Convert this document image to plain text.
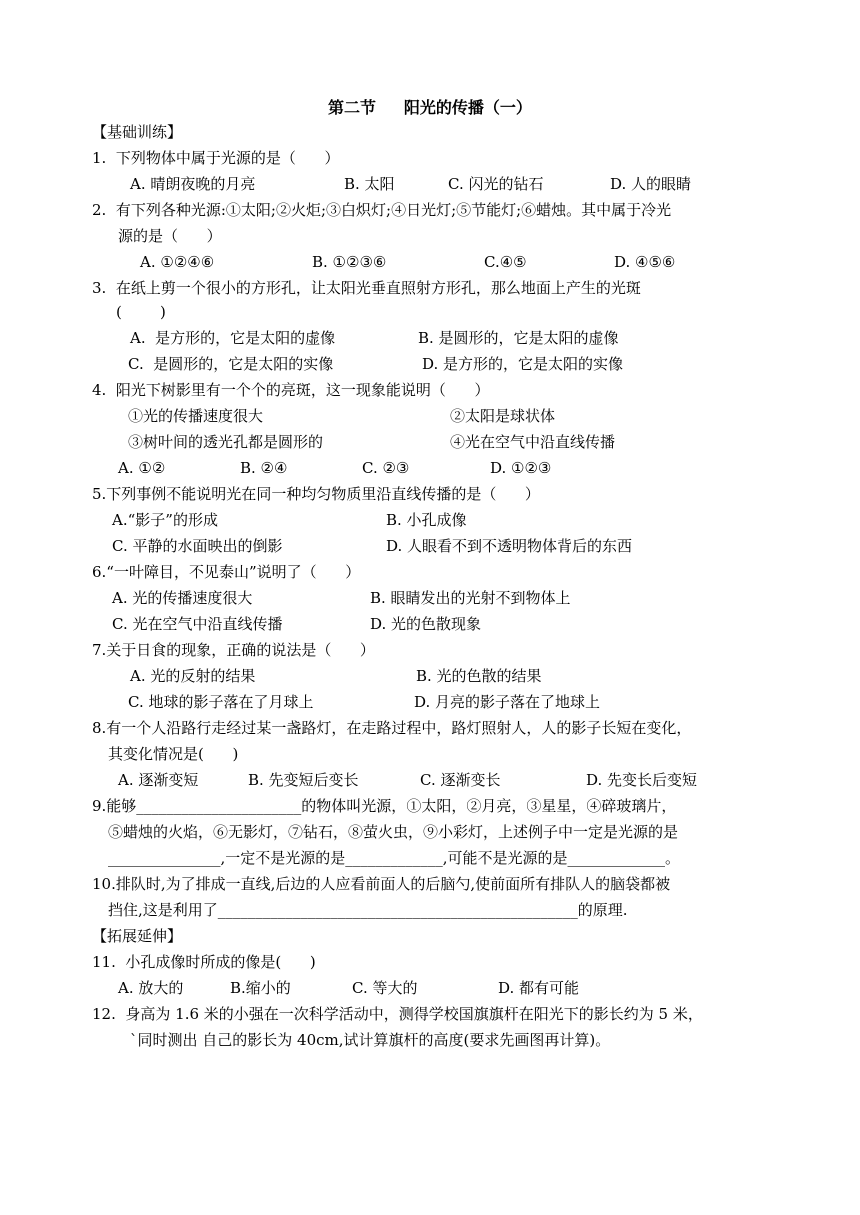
第二节     阳光的传播（一）
【基础训练】
1.  下列物体中属于光源的是（      ）
A. 晴朗夜晚的月亮	B. 太阳	C. 闪光的钻石	D. 人的眼睛
2.  有下列各种光源:①太阳;②火炬;③白炽灯;④日光灯;⑤节能灯;⑥蜡烛。其中属于冷光
源的是（      ）
A. ①②④⑥	B. ①②③⑥	C.④⑤	D. ④⑤⑥
3.  在纸上剪一个很小的方形孔，让太阳光垂直照射方形孔，那么地面上产生的光斑
(        )
A.  是方形的，它是太阳的虚像	B. 是圆形的，它是太阳的虚像
C.  是圆形的，它是太阳的实像	D. 是方形的，它是太阳的实像
4.  阳光下树影里有一个个的亮斑，这一现象能说明（      ）
①光的传播速度很大	②太阳是球状体
③树叶间的透光孔都是圆形的	④光在空气中沿直线传播
A. ①②	B. ②④	C. ②③	D. ①②③
5.下列事例不能说明光在同一种均匀物质里沿直线传播的是（      ）
A.“影子”的形成	B. 小孔成像
C. 平静的水面映出的倒影	D. 人眼看不到不透明物体背后的东西
6.“一叶障目，不见泰山”说明了（      ）
A. 光的传播速度很大	B. 眼睛发出的光射不到物体上
C. 光在空气中沿直线传播	D. 光的色散现象
7.关于日食的现象，正确的说法是（      ）
A. 光的反射的结果	B. 光的色散的结果
C. 地球的影子落在了月球上	D. 月亮的影子落在了地球上
8.有一个人沿路行走经过某一盏路灯，在走路过程中，路灯照射人，人的影子长短在变化，
其变化情况是(      )
A. 逐渐变短	B. 先变短后变长	C. 逐渐变长	D. 先变长后变短
9.能够______________________的物体叫光源，①太阳，②月亮，③星星，④碎玻璃片，
⑤蜡烛的火焰，⑥无影灯，⑦钻石，⑧萤火虫，⑨小彩灯，上述例子中一定是光源的是
_______________,一定不是光源的是_____________,可能不是光源的是_____________。
10.排队时,为了排成一直线,后边的人应看前面人的后脑勺,使前面所有排队人的脑袋都被
挡住,这是利用了________________________________________________的原理.
【拓展延伸】
11.  小孔成像时所成的像是(      )
A. 放大的	B.缩小的	C. 等大的	D. 都有可能
12.  身高为 1.6 米的小强在一次科学活动中，测得学校国旗旗杆在阳光下的影长约为 5 米，
`同时测出 自己的影长为 40cm,试计算旗杆的高度(要求先画图再计算)。
